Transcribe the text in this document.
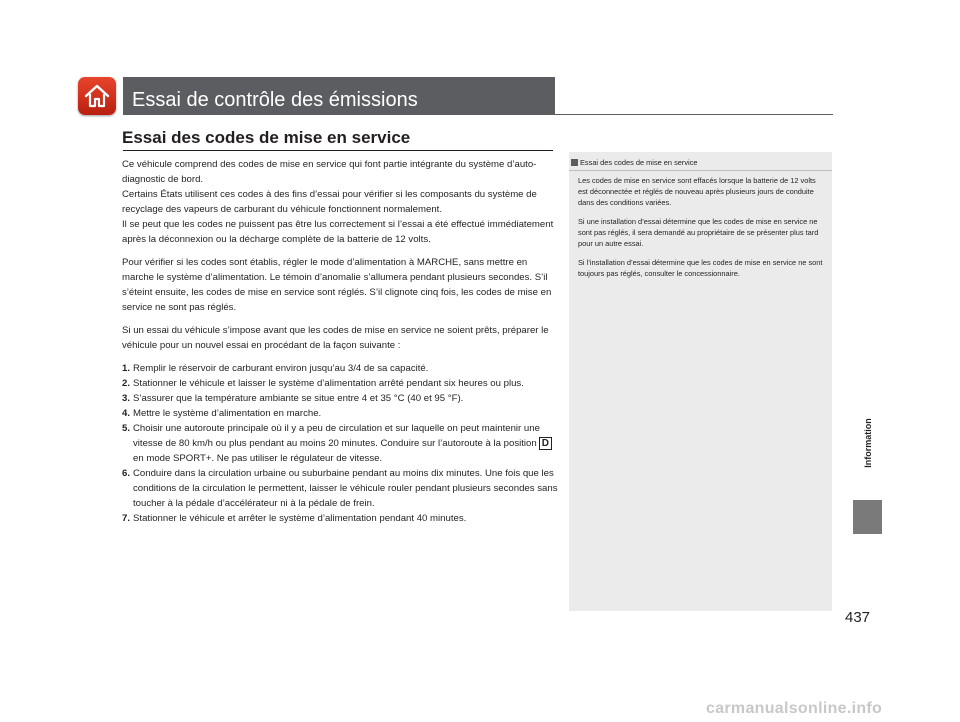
Essai de contrôle des émissions
Essai des codes de mise en service
Ce véhicule comprend des codes de mise en service qui font partie intégrante du système d’auto-diagnostic de bord.
Certains États utilisent ces codes à des fins d’essai pour vérifier si les composants du système de recyclage des vapeurs de carburant du véhicule fonctionnent normalement.
Il se peut que les codes ne puissent pas être lus correctement si l’essai a été effectué immédiatement après la déconnexion ou la décharge complète de la batterie de 12 volts.

Pour vérifier si les codes sont établis, régler le mode d’alimentation à MARCHE, sans mettre en marche le système d’alimentation. Le témoin d’anomalie s’allumera pendant plusieurs secondes. S’il s’éteint ensuite, les codes de mise en service sont réglés. S’il clignote cinq fois, les codes de mise en service ne sont pas réglés.

Si un essai du véhicule s’impose avant que les codes de mise en service ne soient prêts, préparer le véhicule pour un nouvel essai en procédant de la façon suivante :

1. Remplir le réservoir de carburant environ jusqu’au 3/4 de sa capacité.
2. Stationner le véhicule et laisser le système d’alimentation arrêté pendant six heures ou plus.
3. S’assurer que la température ambiante se situe entre 4 et 35 °C (40 et 95 °F).
4. Mettre le système d’alimentation en marche.
5. Choisir une autoroute principale où il y a peu de circulation et sur laquelle on peut maintenir une vitesse de 80 km/h ou plus pendant au moins 20 minutes. Conduire sur l’autoroute à la position Den mode SPORT+. Ne pas utiliser le régulateur de vitesse.
6. Conduire dans la circulation urbaine ou suburbaine pendant au moins dix minutes. Une fois que les conditions de la circulation le permettent, laisser le véhicule rouler pendant plusieurs secondes sans toucher à la pédale d’accélérateur ni à la pédale de frein.
7. Stationner le véhicule et arrêter le système d’alimentation pendant 40 minutes.
Essai des codes de mise en service

Les codes de mise en service sont effacés lorsque la batterie de 12 volts est déconnectée et réglés de nouveau après plusieurs jours de conduite dans des conditions variées.

Si une installation d’essai détermine que les codes de mise en service ne sont pas réglés, il sera demandé au propriétaire de se présenter plus tard pour un autre essai.

Si l’installation d’essai détermine que les codes de mise en service ne sont toujours pas réglés, consulter le concessionnaire.

Information
437
carmanualsonline.info
